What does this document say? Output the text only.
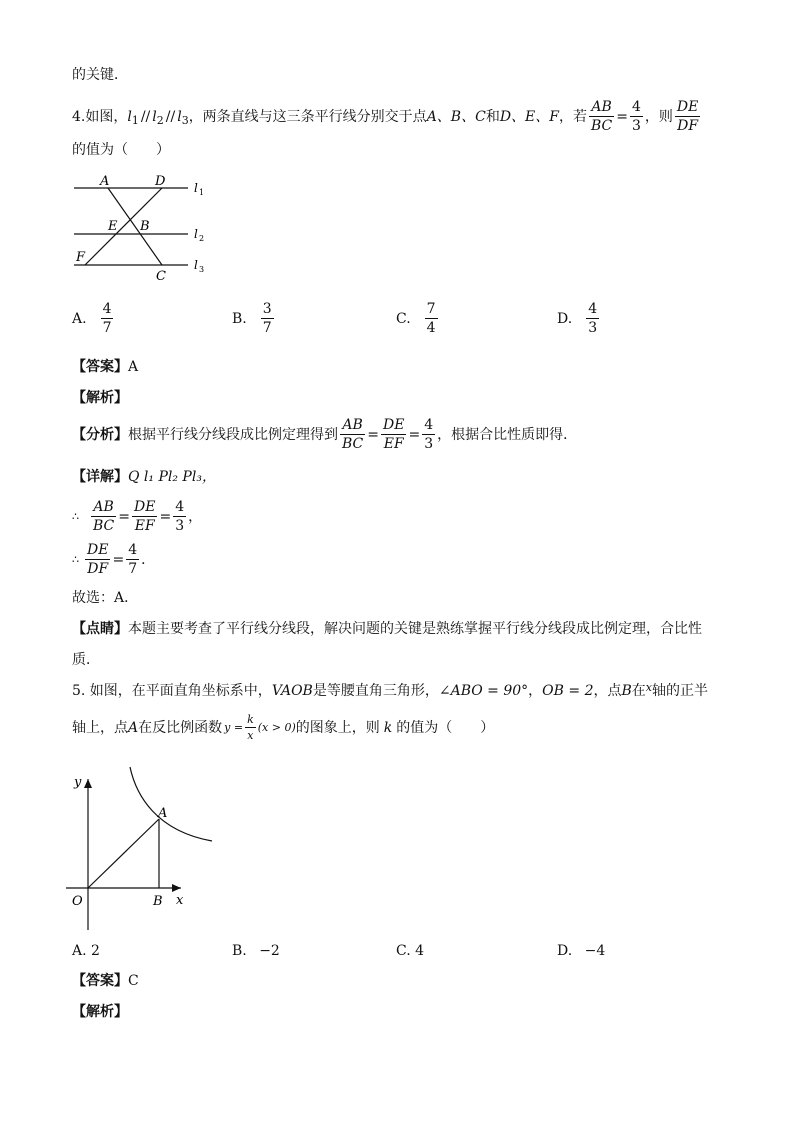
的关键．
4. 如图， l 1 // l 2 // l 3 ，两条直线与这三条平行线分别交于点 A、B、C 和 D、E、F ，若 $\frac{AB}{BC} = \frac{4}{3}$ ，则 $\frac{DE}{DF}$
的值为（　　）
A	D
E B
F
C
l 1
l 2
l 3
A. $\frac{4}{7}$	B. $\frac{3}{7}$	C. $\frac{7}{4}$	D. $\frac{4}{3}$
【答案】A
【解析】
【分析】 根据平行线分线段成比例定理得到 $\frac{AB}{BC} = \frac{DE}{EF} = \frac{4}{3}$ ，根据合比性质即得．
【详解】Q l₁ Pl₂ Pl₃，
∴ $\frac{AB}{BC} = \frac{DE}{EF} = \frac{4}{3}$ ，
∴ $\frac{DE}{DF} = \frac{4}{7}$ ．
故选：A．
【点睛】本题主要考查了平行线分线段，解决问题的关键是熟练掌握平行线分线段成比例定理，合比性
质．
5. 如图，在平面直角坐标系中， VAOB 是等腰直角三角形， ∠ABO = 90° ， OB = 2 ，点 B 在 x 轴的正半
轴上，点 A 在反比例函数 $y = \frac{k}{x} (x > 0)$ 的图象上，则 k 的值为（　　）
y
x
O
A
B
A. 2	B. −2	C. 4	D. −4
【答案】C
【解析】
